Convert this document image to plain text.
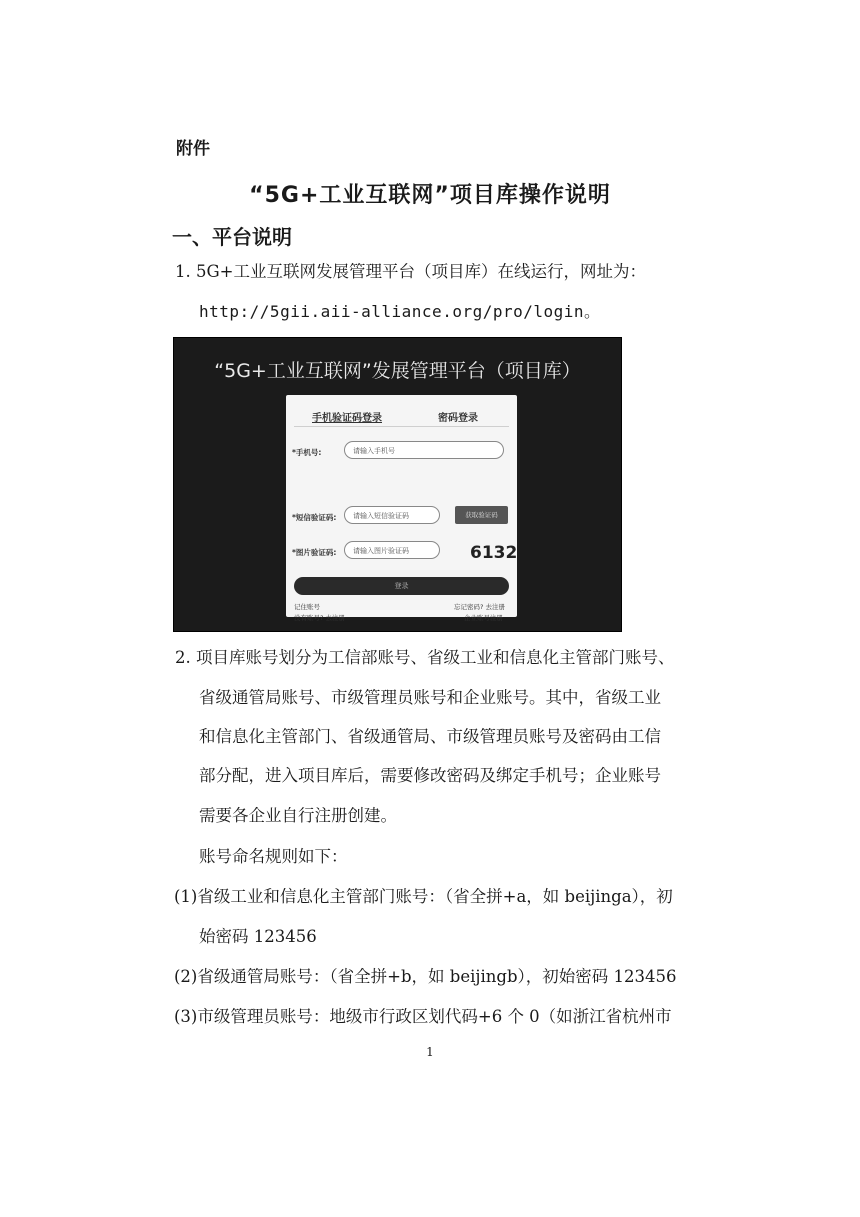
附件
“5G+工业互联网”项目库操作说明
一、平台说明
1. 5G+工业互联网发展管理平台（项目库）在线运行，网址为：
http://5gii.aii-alliance.org/pro/login。
“5G+工业互联网”发展管理平台（项目库）
手机验证码登录	密码登录
*手机号:	请输入手机号
*短信验证码:	请输入短信验证码	获取验证码
*图片验证码:	请输入图片验证码	6132
登录
记住账号	忘记密码? 去注册
没有账号? 去注册	企业账号注册
2. 项目库账号划分为工信部账号、省级工业和信息化主管部门账号、
省级通管局账号、市级管理员账号和企业账号。其中，省级工业
和信息化主管部门、省级通管局、市级管理员账号及密码由工信
部分配，进入项目库后，需要修改密码及绑定手机号；企业账号
需要各企业自行注册创建。
账号命名规则如下：
(1)省级工业和信息化主管部门账号：（省全拼+a，如 beijinga），初
始密码 123456
(2)省级通管局账号：（省全拼+b，如 beijingb），初始密码 123456
(3)市级管理员账号：地级市行政区划代码+6 个 0（如浙江省杭州市
1
